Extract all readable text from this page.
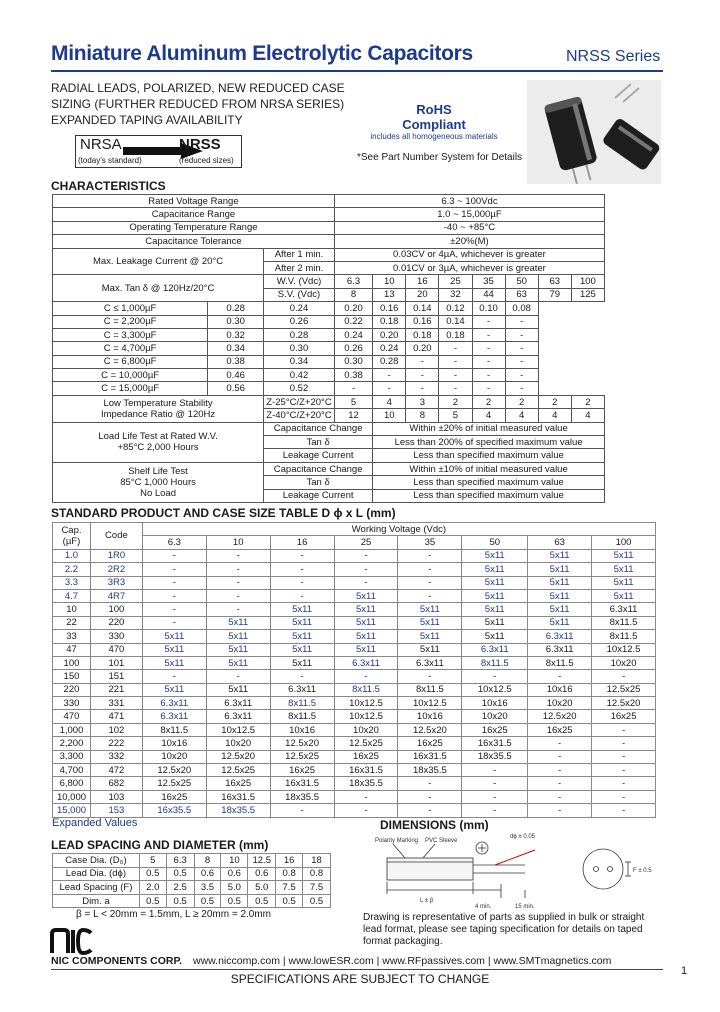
Miniature Aluminum Electrolytic Capacitors	NRSS Series
RADIAL LEADS, POLARIZED, NEW REDUCED CASE
SIZING (FURTHER REDUCED FROM NRSA SERIES)
EXPANDED TAPING AVAILABILITY
NRSA
(today's standard)
NRSS
(reduced sizes)
RoHS
Compliant
includes all homogeneous materials
*See Part Number System for Details
CHARACTERISTICS
Rated Voltage Range			6.3 ~ 100Vdc							
Capacitance Range			1.0 ~ 15,000µF							
Operating Temperature Range			-40 ~ +85°C							
Capacitance Tolerance			±20%(M)							
Max. Leakage Current @ 20°C		After 1 min.	0.03CV or 4µA, whichever is greater							
		After 2 min.	0.01CV or 3µA, whichever is greater							
Max. Tan δ @ 120Hz/20°C		W.V. (Vdc)	6.3	10	16	25	35	50	63	100
		S.V. (Vdc)	8	13	20	32	44	63	79	125
C ≤ 1,000µF	0.28	0.24	0.20	0.16	0.14	0.12	0.10	0.08		
C = 2,200µF	0.30	0.26	0.22	0.18	0.16	0.14	-	-		
C = 3,300µF	0.32	0.28	0.24	0.20	0.18	0.18	-	-		
C = 4,700µF	0.34	0.30	0.26	0.24	0.20	-	-	-		
C = 6,800µF	0.38	0.34	0.30	0.28	-	-	-	-		
C = 10,000µF	0.46	0.42	0.38	-	-	-	-	-		
C = 15,000µF	0.56	0.52	-	-	-	-	-	-		

Low Temperature Stability
Impedance Ratio @ 120Hz		Z-25°C/Z+20°C	5	4	3	2	2	2	2	2
		Z-40°C/Z+20°C	12	10	8	5	4	4	4	4

Load Life Test at Rated W.V.
+85°C 2,000 Hours		Capacitance Change		Within ±20% of initial measured value						
		Tan δ		Less than 200% of specified maximum value						
		Leakage Current		Less than specified maximum value						

Shelf Life Test
85°C 1,000 Hours
No Load		Capacitance Change		Within ±10% of initial measured value						
		Tan δ		Less than specified maximum value						
		Leakage Current		Less than specified maximum value						
STANDARD PRODUCT AND CASE SIZE TABLE D ϕ x L (mm)
Cap.
(µF)	Code	Working Voltage (Vdc)							
		6.3	10	16	25	35	50	63	100
1.0	1R0	-	-	-	-	-	5x11	5x11	5x11
2.2	2R2	-	-	-	-	-	5x11	5x11	5x11
3.3	3R3	-	-	-	-	-	5x11	5x11	5x11
4.7	4R7	-	-	-	5x11	-	5x11	5x11	5x11
10	100	-	-	5x11	5x11	5x11	5x11	5x11	6.3x11
22	220	-	5x11	5x11	5x11	5x11	5x11	5x11	8x11.5
33	330	5x11	5x11	5x11	5x11	5x11	5x11	6.3x11	8x11.5
47	470	5x11	5x11	5x11	5x11	5x11	6.3x11	6.3x11	10x12.5
100	101	5x11	5x11	5x11	6.3x11	6.3x11	8x11.5	8x11.5	10x20
150	151	-	-	-	-	-	-	-	-
220	221	5x11	5x11	6.3x11	8x11.5	8x11.5	10x12.5	10x16	12.5x25
330	331	6.3x11	6.3x11	8x11.5	10x12.5	10x12.5	10x16	10x20	12.5x20
470	471	6.3x11	6.3x11	8x11.5	10x12.5	10x16	10x20	12.5x20	16x25
1,000	102	8x11.5	10x12.5	10x16	10x20	12.5x20	16x25	16x25	-
2,200	222	10x16	10x20	12.5x20	12.5x25	16x25	16x31.5	-	-
3,300	332	10x20	12.5x20	12.5x25	16x25	16x31.5	18x35.5	-	-
4,700	472	12.5x20	12.5x25	16x25	16x31.5	18x35.5	-	-	-
6,800	682	12.5x25	16x25	16x31.5	18x35.5	-	-	-	-
10,000	103	16x25	16x31.5	18x35.5	-	-	-	-	-
15,000	153	16x35.5	18x35.5	-	-	-	-	-	-
Expanded Values
LEAD SPACING AND DIAMETER (mm)
Case Dia. (D₀)	5	6.3	8	10	12.5	16	18
Lead Dia. (dϕ)	0.5	0.5	0.6	0.6	0.6	0.8	0.8
Lead Spacing (F)	2.0	2.5	3.5	5.0	5.0	7.5	7.5
Dim. a	0.5	0.5	0.5	0.5	0.5	0.5	0.5
β = L < 20mm = 1.5mm, L ≥ 20mm = 2.0mm
DIMENSIONS (mm)
Polarity Marking PVC Sleeve
dϕ ± 0.05
F ± 0.5
L ± β
4 min.	15 min.
Drawing is representative of parts as supplied in bulk or straight lead format, please see taping specification for details on taped format packaging.
NIC COMPONENTS CORP. www.niccomp.com | www.lowESR.com | www.RFpassives.com | www.SMTmagnetics.com
SPECIFICATIONS ARE SUBJECT TO CHANGE
1
